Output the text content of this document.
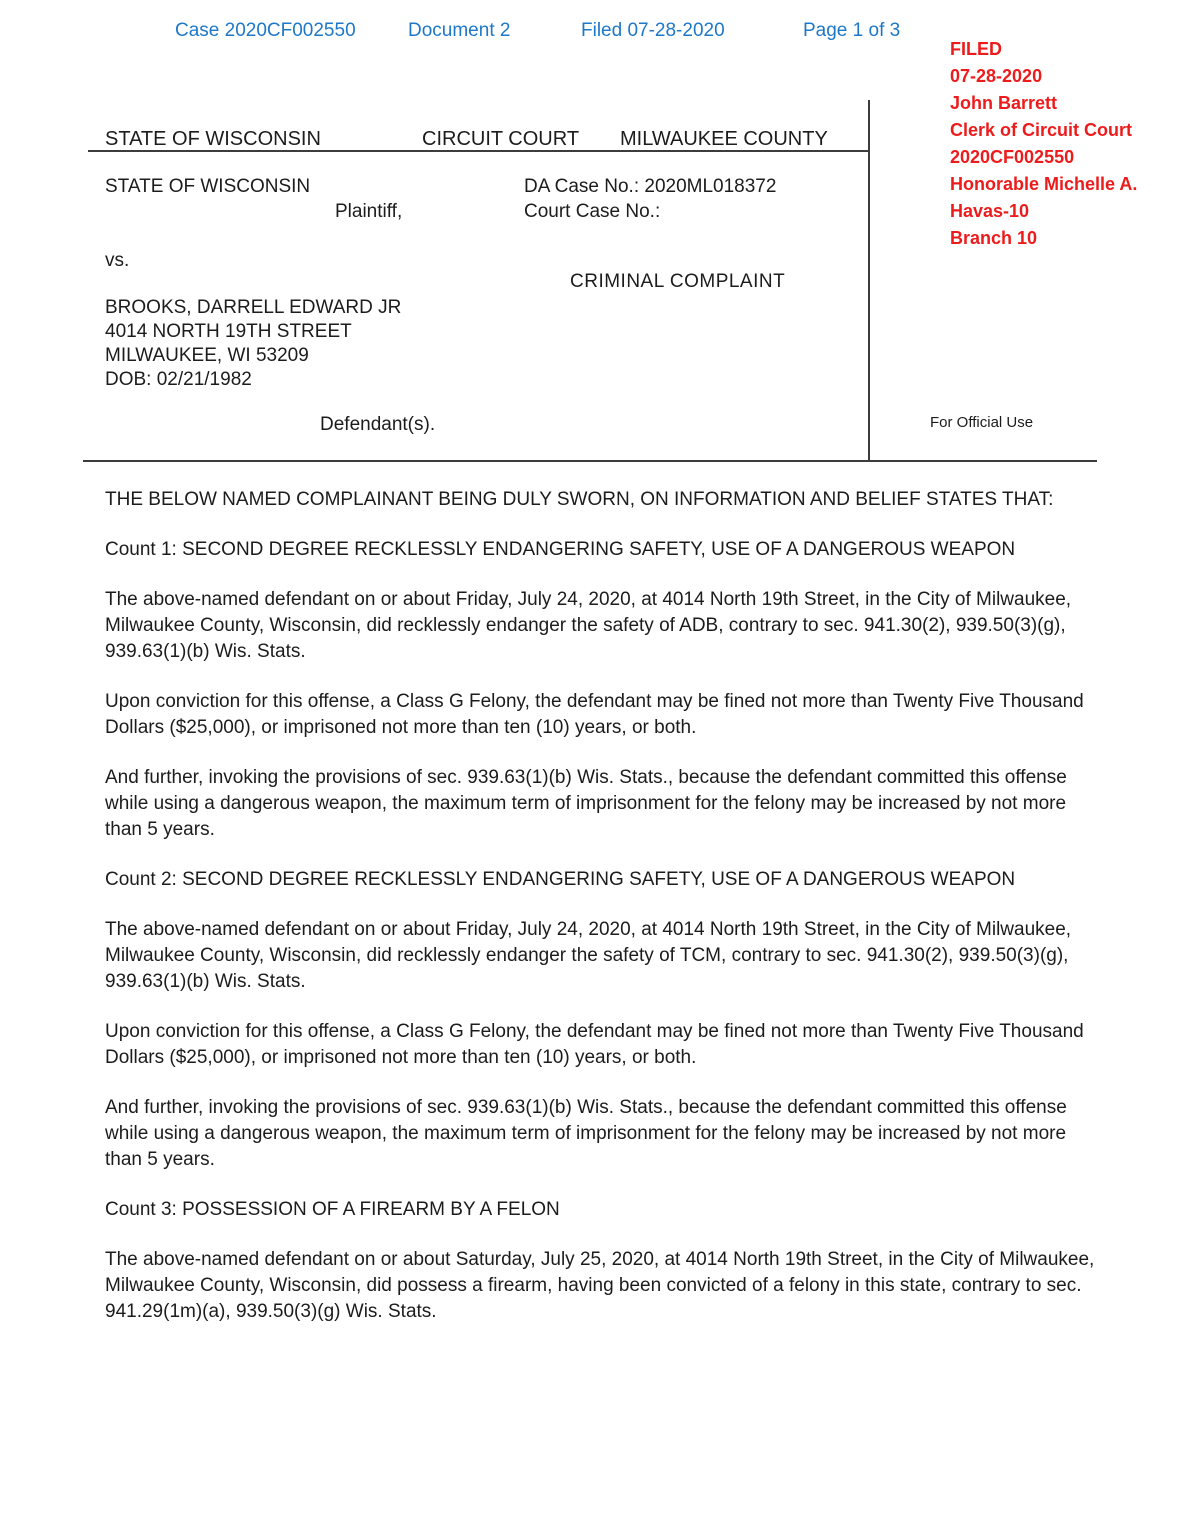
Case 2020CF002550	Document 2	Filed 07-28-2020	Page 1 of 3
FILED
07-28-2020
John Barrett
Clerk of Circuit Court
2020CF002550
Honorable Michelle A.
Havas-10
Branch 10
STATE OF WISCONSIN	CIRCUIT COURT MILWAUKEE COUNTY
STATE OF WISCONSIN
Plaintiff,
DA Case No.: 2020ML018372
Court Case No.:
vs.
CRIMINAL COMPLAINT
BROOKS, DARRELL EDWARD JR
4014 NORTH 19TH STREET
MILWAUKEE, WI 53209
DOB: 02/21/1982
Defendant(s).	For Official Use

THE BELOW NAMED COMPLAINANT BEING DULY SWORN, ON INFORMATION AND BELIEF STATES THAT:

Count 1: SECOND DEGREE RECKLESSLY ENDANGERING SAFETY, USE OF A DANGEROUS WEAPON

The above-named defendant on or about Friday, July 24, 2020, at 4014 North 19th Street, in the City of Milwaukee, Milwaukee County, Wisconsin, did recklessly endanger the safety of ADB, contrary to sec. 941.30(2), 939.50(3)(g), 939.63(1)(b) Wis. Stats.

Upon conviction for this offense, a Class G Felony, the defendant may be fined not more than Twenty Five Thousand Dollars ($25,000), or imprisoned not more than ten (10) years, or both.

And further, invoking the provisions of sec. 939.63(1)(b) Wis. Stats., because the defendant committed this offense while using a dangerous weapon, the maximum term of imprisonment for the felony may be increased by not more than 5 years.

Count 2: SECOND DEGREE RECKLESSLY ENDANGERING SAFETY, USE OF A DANGEROUS WEAPON

The above-named defendant on or about Friday, July 24, 2020, at 4014 North 19th Street, in the City of Milwaukee, Milwaukee County, Wisconsin, did recklessly endanger the safety of TCM, contrary to sec. 941.30(2), 939.50(3)(g), 939.63(1)(b) Wis. Stats.

Upon conviction for this offense, a Class G Felony, the defendant may be fined not more than Twenty Five Thousand Dollars ($25,000), or imprisoned not more than ten (10) years, or both.

And further, invoking the provisions of sec. 939.63(1)(b) Wis. Stats., because the defendant committed this offense while using a dangerous weapon, the maximum term of imprisonment for the felony may be increased by not more than 5 years.

Count 3: POSSESSION OF A FIREARM BY A FELON

The above-named defendant on or about Saturday, July 25, 2020, at 4014 North 19th Street, in the City of Milwaukee, Milwaukee County, Wisconsin, did possess a firearm, having been convicted of a felony in this state, contrary to sec. 941.29(1m)(a), 939.50(3)(g) Wis. Stats.
